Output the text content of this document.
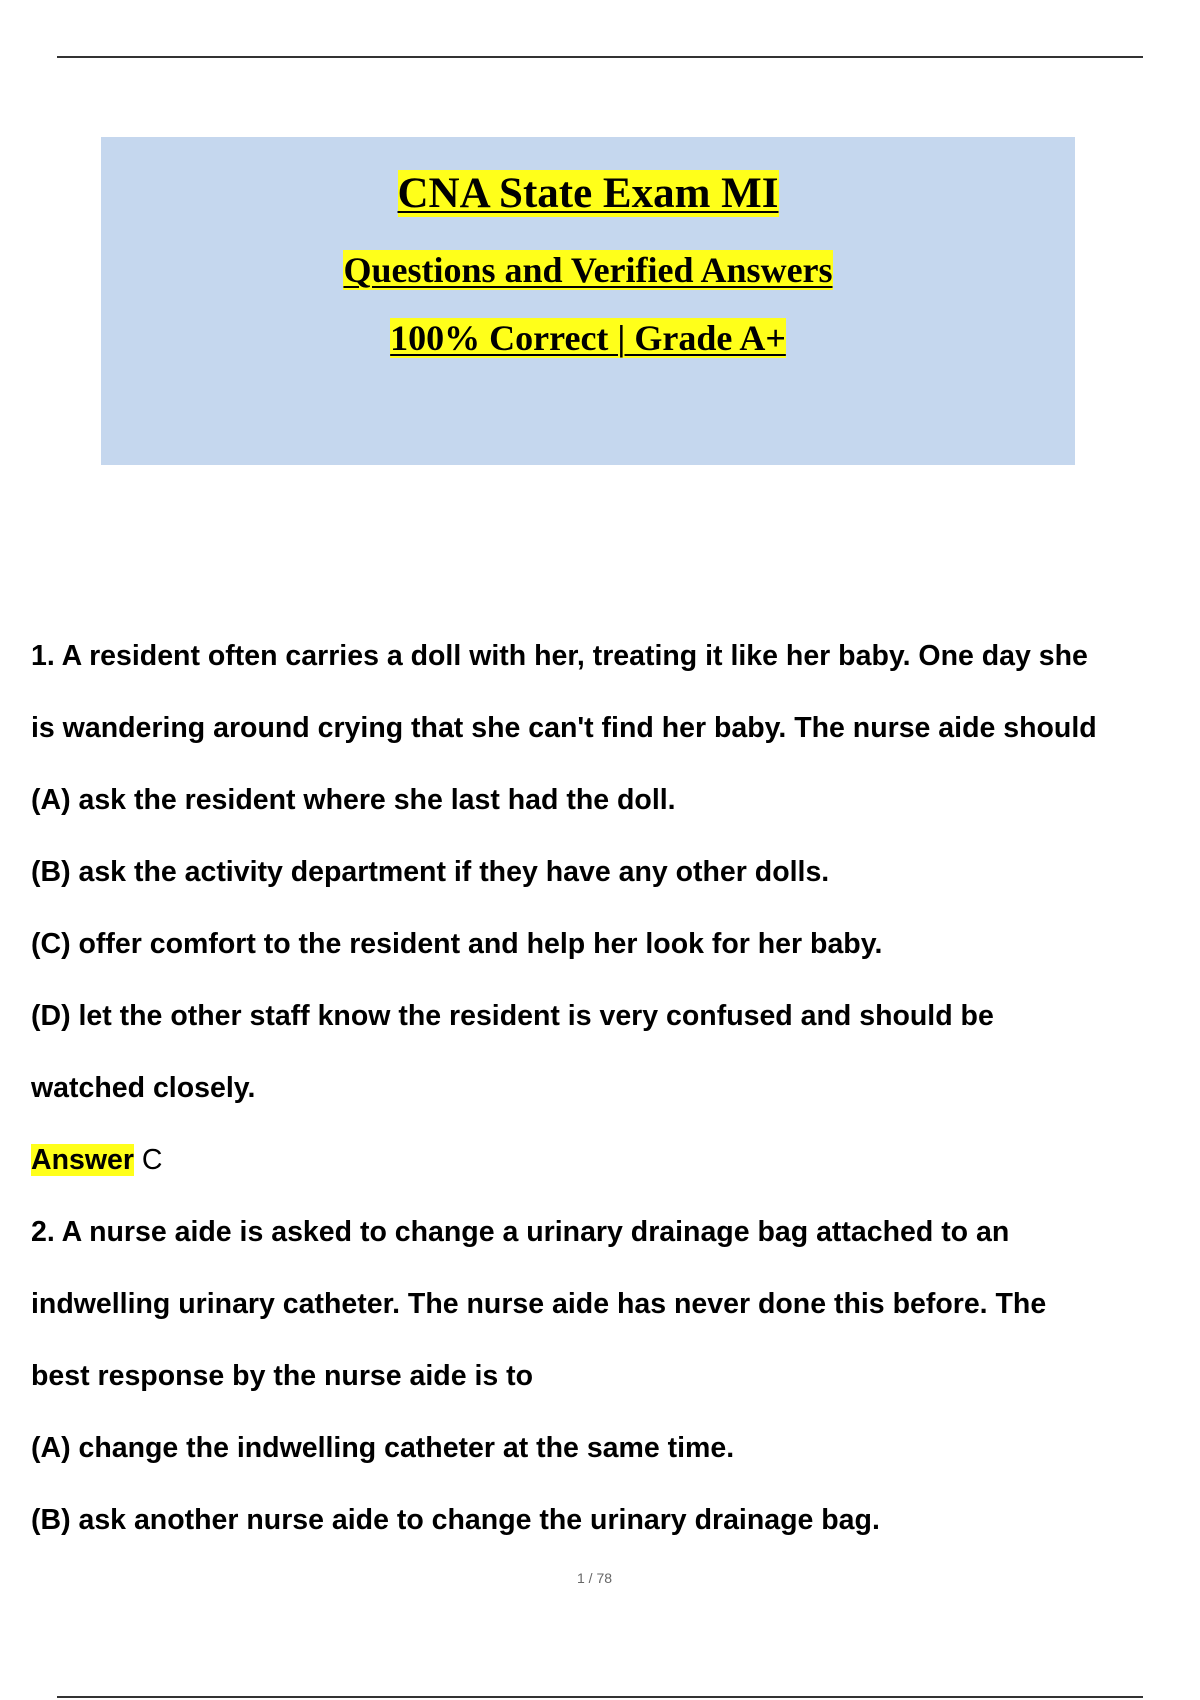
CNA State Exam MI
Questions and Verified Answers
100% Correct | Grade A+
1. A resident often carries a doll with her, treating it like her baby. One day she
is wandering around crying that she can't find her baby. The nurse aide should
(A) ask the resident where she last had the doll.
(B) ask the activity department if they have any other dolls.
(C) offer comfort to the resident and help her look for her baby.
(D) let the other staff know the resident is very confused and should be
watched closely.
Answer C
2. A nurse aide is asked to change a urinary drainage bag attached to an
indwelling urinary catheter. The nurse aide has never done this before. The
best response by the nurse aide is to
(A) change the indwelling catheter at the same time.
(B) ask another nurse aide to change the urinary drainage bag.
1 / 78
